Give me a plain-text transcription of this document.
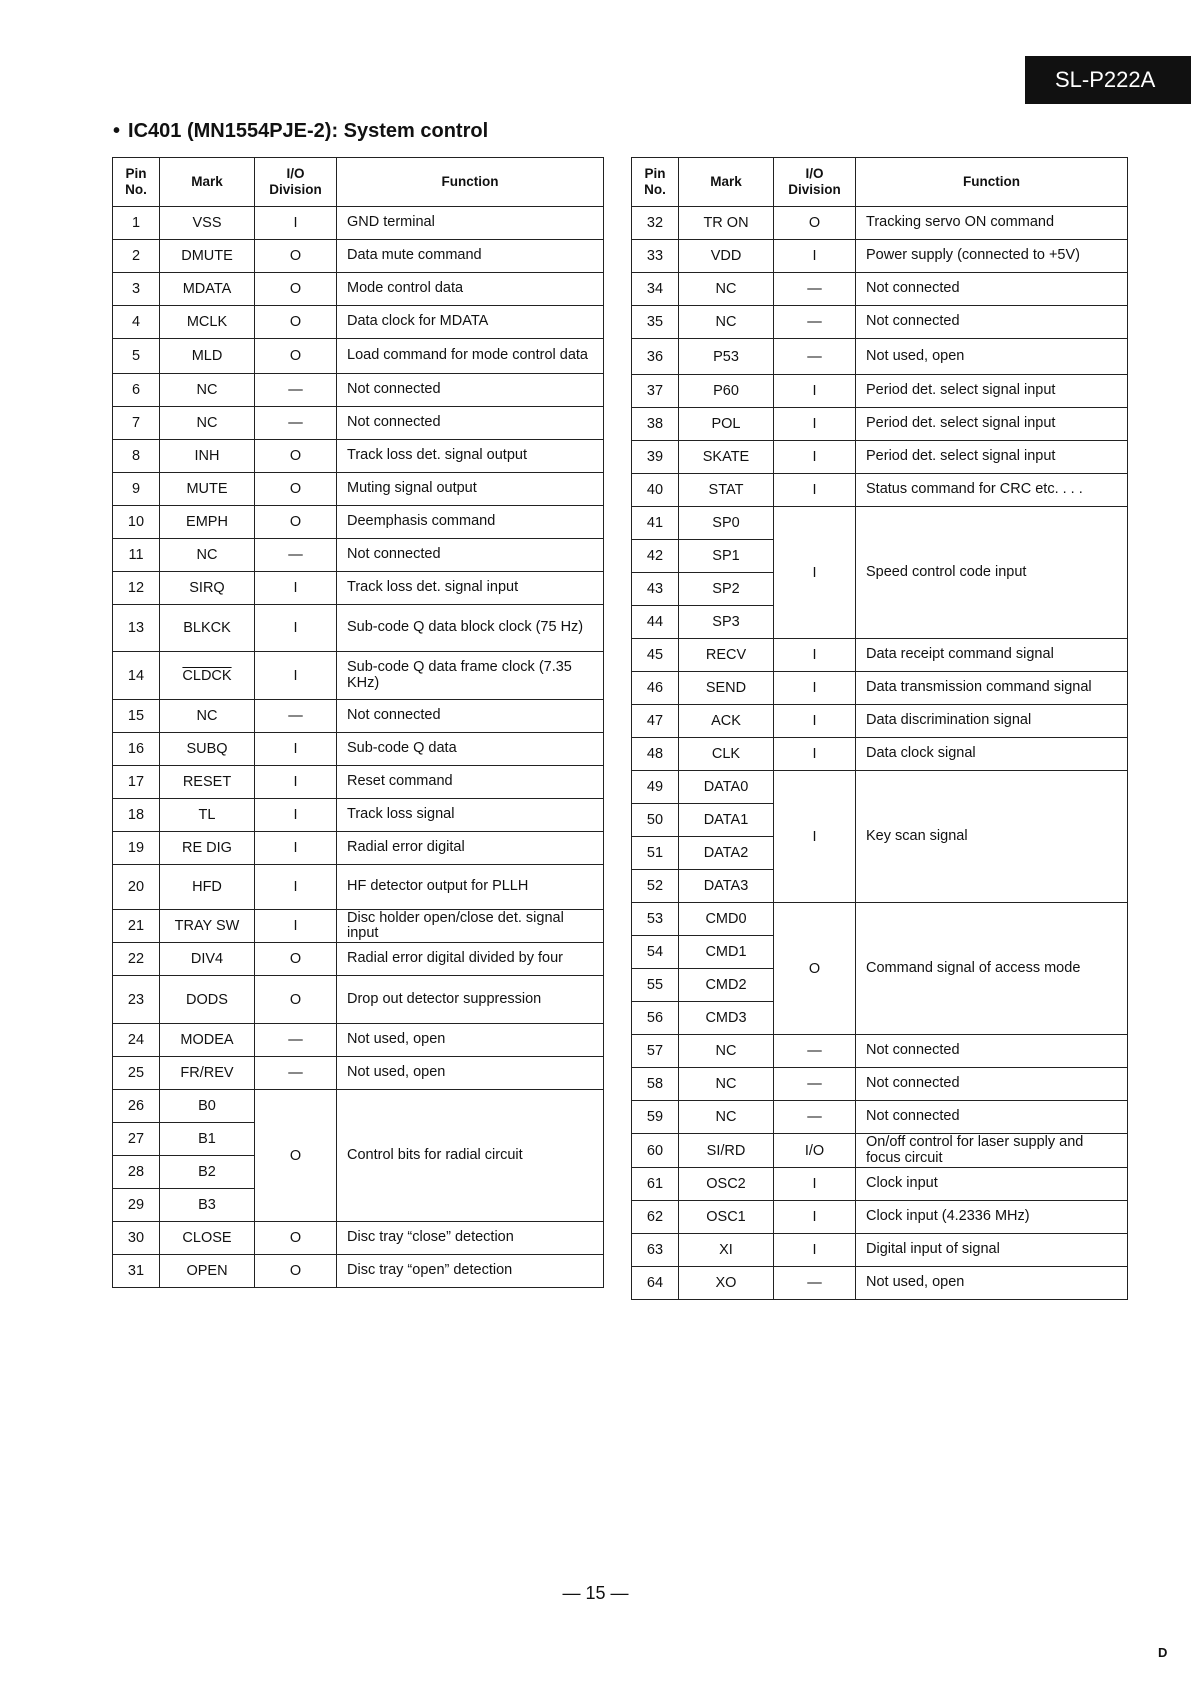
SL-P222A
• IC401 (MN1554PJE-2): System control
Pin No.	Mark	I/O Division	Function
1	VSS	I	GND terminal
2	DMUTE	O	Data mute command
3	MDATA	O	Mode control data
4	MCLK	O	Data clock for MDATA
5	MLD	O	Load command for mode control data
6	NC	—	Not connected
7	NC	—	Not connected
8	INH	O	Track loss det. signal output
9	MUTE	O	Muting signal output
10	EMPH	O	Deemphasis command
11	NC	—	Not connected
12	SIRQ	I	Track loss det. signal input
13	BLKCK	I	Sub-code Q data block clock (75 Hz)
14	CLDCK	I	Sub-code Q data frame clock (7.35 KHz)
15	NC	—	Not connected
16	SUBQ	I	Sub-code Q data
17	RESET	I	Reset command
18	TL	I	Track loss signal
19	RE DIG	I	Radial error digital
20	HFD	I	HF detector output for PLLH
21	TRAY SW	I	Disc holder open/close det. signal input
22	DIV4	O	Radial error digital divided by four
23	DODS	O	Drop out detector suppression
24	MODEA	—	Not used, open
25	FR/REV	—	Not used, open
26	B0	O	Control bits for radial circuit
27	B1		
28	B2		
29	B3		
30	CLOSE	O	Disc tray “close” detection
31	OPEN	O	Disc tray “open” detection
Pin No.	Mark	I/O Division	Function
32	TR ON	O	Tracking servo ON command
33	VDD	I	Power supply (connected to +5V)
34	NC	—	Not connected
35	NC	—	Not connected
36	P53	—	Not used, open
37	P60	I	Period det. select signal input
38	POL	I	Period det. select signal input
39	SKATE	I	Period det. select signal input
40	STAT	I	Status command for CRC etc. . . .
41	SP0	I	Speed control code input
42	SP1		
43	SP2		
44	SP3		
45	RECV	I	Data receipt command signal
46	SEND	I	Data transmission command signal
47	ACK	I	Data discrimination signal
48	CLK	I	Data clock signal
49	DATA0	I	Key scan signal
50	DATA1		
51	DATA2		
52	DATA3		
53	CMD0	O	Command signal of access mode
54	CMD1		
55	CMD2		
56	CMD3		
57	NC	—	Not connected
58	NC	—	Not connected
59	NC	—	Not connected
60	SI/RD	I/O	On/off control for laser supply and focus circuit
61	OSC2	I	Clock input
62	OSC1	I	Clock input (4.2336 MHz)
63	XI	I	Digital input of signal
64	XO	—	Not used, open
— 15 —
D
